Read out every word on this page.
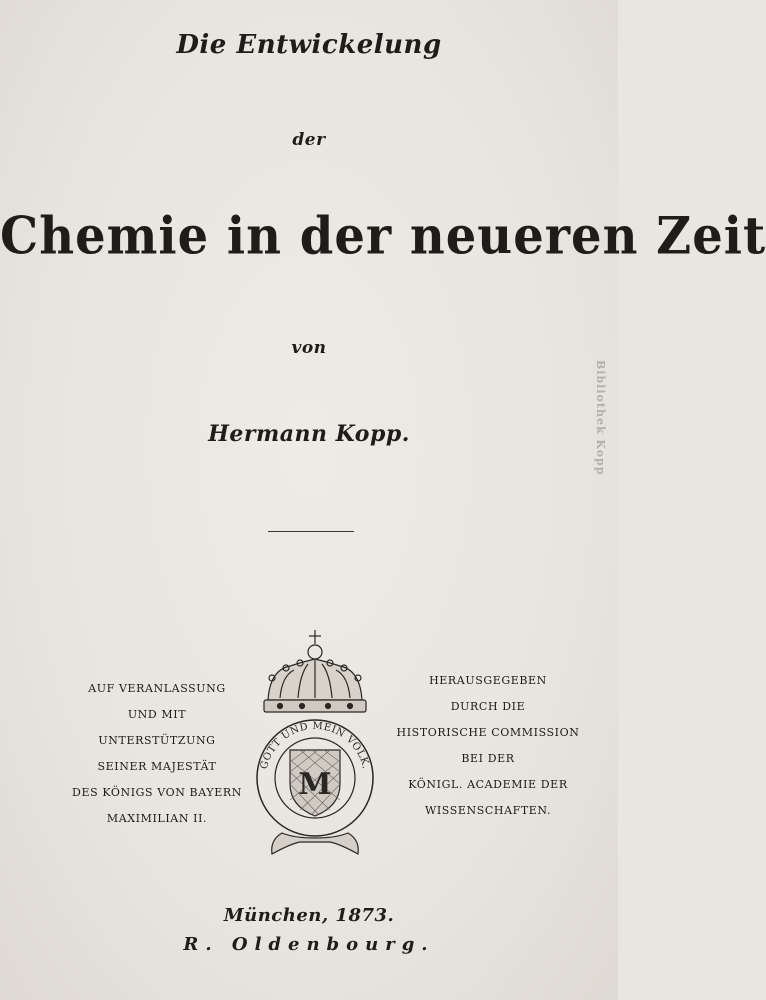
Die Entwickelung
der
Chemie in der neueren Zeit
von
Hermann Kopp.
AUF VERANLASSUNG
UND MIT
UNTERSTÜTZUNG
SEINER MAJESTÄT
DES KÖNIGS VON BAYERN
MAXIMILIAN II.
HERAUSGEGEBEN
DURCH DIE
HISTORISCHE COMMISSION
BEI DER
KÖNIGL. ACADEMIE DER
WISSENSCHAFTEN.
GOTT UND MEIN VOLK.
M
München, 1873.
R. Oldenbourg.
Bibliothek Kopp
